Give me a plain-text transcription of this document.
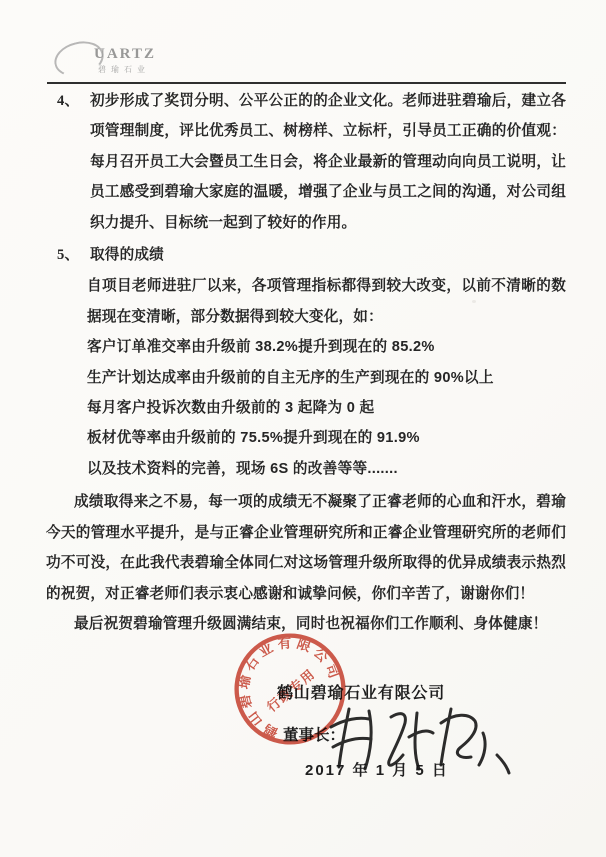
UARTZ
碧瑜石业
4、 初步形成了奖罚分明、公平公正的的企业文化。老师进驻碧瑜后，建立各项管理制度，评比优秀员工、树榜样、立标杆，引导员工正确的价值观：每月召开员工大会暨员工生日会，将企业最新的管理动向向员工说明，让员工感受到碧瑜大家庭的温暖，增强了企业与员工之间的沟通，对公司组织力提升、目标统一起到了较好的作用。

5、 取得的成绩

自项目老师进驻厂以来，各项管理指标都得到较大改变，以前不清晰的数据现在变清晰，部分数据得到较大变化，如：

客户订单准交率由升级前 38.2%提升到现在的 85.2%

生产计划达成率由升级前的自主无序的生产到现在的 90%以上

每月客户投诉次数由升级前的 3 起降为 0 起

板材优等率由升级前的 75.5%提升到现在的 91.9%

以及技术资料的完善，现场 6S 的改善等等.......

成绩取得来之不易，每一项的成绩无不凝聚了正睿老师的心血和汗水，碧瑜今天的管理水平提升，是与正睿企业管理研究所和正睿企业管理研究所的老师们功不可没，在此我代表碧瑜全体同仁对这场管理升级所取得的优异成绩表示热烈的祝贺，对正睿老师们表示衷心感谢和诚挚问候，你们辛苦了，谢谢你们！

最后祝贺碧瑜管理升级圆满结束，同时也祝福你们工作顺利、身体健康！

鹤山碧瑜石业有限公司

董事长：

2017 年 1 月 5 日

鹤山碧瑜石业有限公司
行政专用
